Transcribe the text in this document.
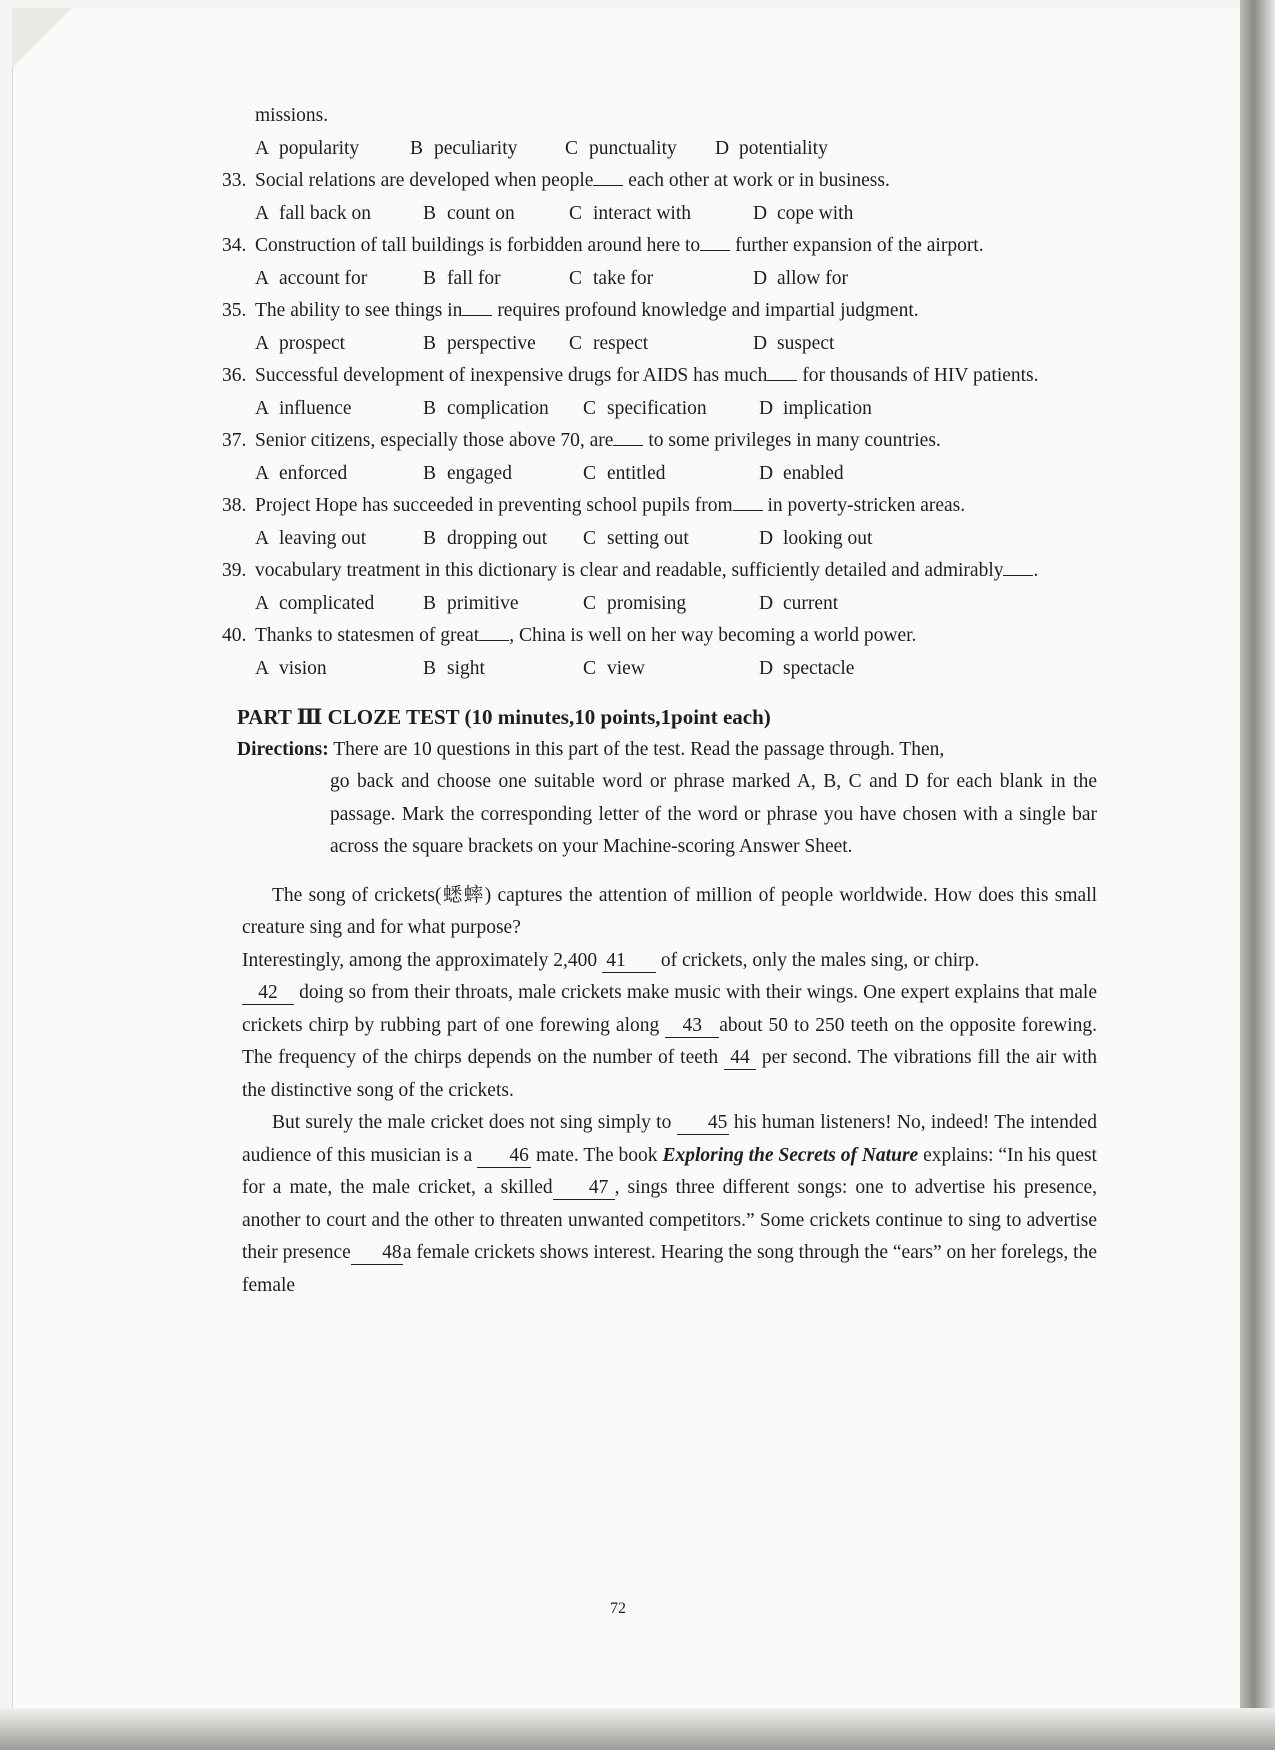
missions.
A popularity	B peculiarity	C punctuality	D potentiality
33. Social relations are developed when people each other at work or in business.
A fall back on	B count on	C interact with	D cope with
34. Construction of tall buildings is forbidden around here to further expansion of the airport.
A account for	B fall for	C take for	D allow for
35. The ability to see things in requires profound knowledge and impartial judgment.
A prospect	B perspective	C respect	D suspect
36. Successful development of inexpensive drugs for AIDS has much for thousands of HIV patients.
A influence	B complication	C specification	D implication
37. Senior citizens, especially those above 70, are to some privileges in many countries.
A enforced	B engaged	C entitled	D enabled
38. Project Hope has succeeded in preventing school pupils from in poverty-stricken areas.
A leaving out	B dropping out	C setting out	D looking out
39. vocabulary treatment in this dictionary is clear and readable, sufficiently detailed and admirably .
A complicated	B primitive	C promising	D current
40. Thanks to statesmen of great , China is well on her way becoming a world power.
A vision	B sight	C view	D spectacle
PART Ⅲ CLOZE TEST (10 minutes,10 points,1point each)
Directions: There are 10 questions in this part of the test. Read the passage through. Then,
go back and choose one suitable word or phrase marked A, B, C and D for each blank in the passage. Mark the corresponding letter of the word or phrase you have chosen with a single bar across the square brackets on your Machine-scoring Answer Sheet.

The song of crickets(蟋蟀) captures the attention of million of people worldwide. How does this small creature sing and for what purpose?

Interestingly, among the approximately 2,400 41 of crickets, only the males sing, or chirp.

42 doing so from their throats, male crickets make music with their wings. One expert explains that male crickets chirp by rubbing part of one forewing along 43 about 50 to 250 teeth on the opposite forewing. The frequency of the chirps depends on the number of teeth 44 per second. The vibrations fill the air with the distinctive song of the crickets.

But surely the male cricket does not sing simply to 45 his human listeners! No, indeed! The intended audience of this musician is a 46 mate. The book Exploring the Secrets of Nature explains: “In his quest for a mate, the male cricket, a skilled 47 , sings three different songs: one to advertise his presence, another to court and the other to threaten unwanted competitors.” Some crickets continue to sing to advertise their presence 48a female crickets shows interest. Hearing the song through the “ears” on her forelegs, the female

72
